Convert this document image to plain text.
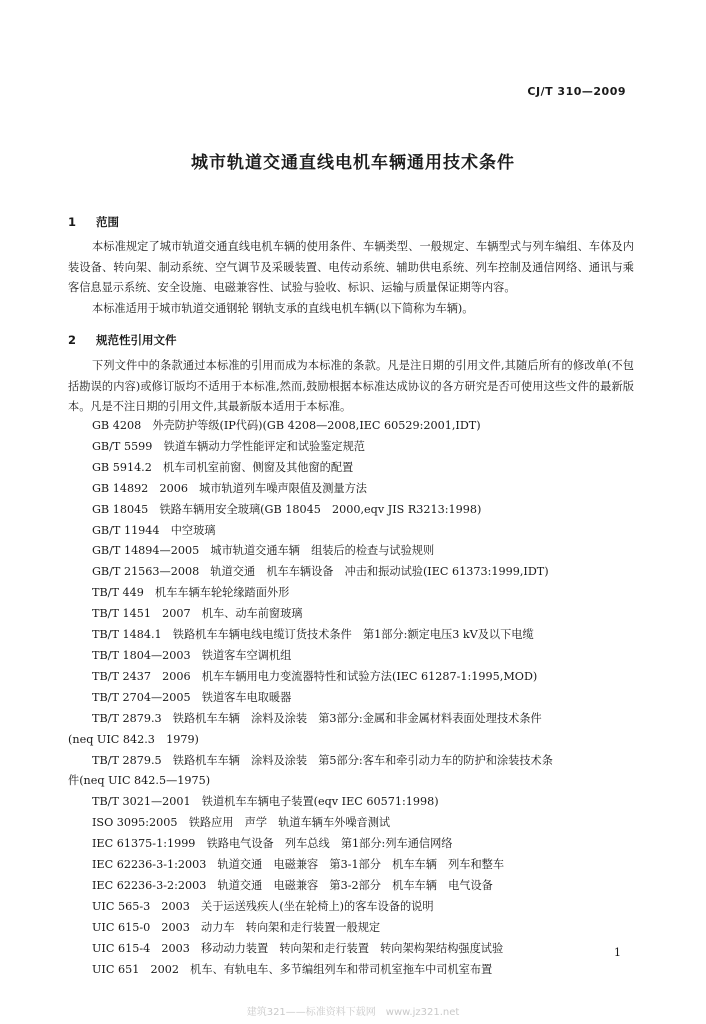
CJ/T 310—2009
城市轨道交通直线电机车辆通用技术条件
1 范围
本标准规定了城市轨道交通直线电机车辆的使用条件、车辆类型、一般规定、车辆型式与列车编组、车体及内装设备、转向架、制动系统、空气调节及采暖装置、电传动系统、辅助供电系统、列车控制及通信网络、通讯与乘客信息显示系统、安全设施、电磁兼容性、试验与验收、标识、运输与质量保证期等内容。
本标准适用于城市轨道交通钢轮 钢轨支承的直线电机车辆(以下简称为车辆)。
2 规范性引用文件
下列文件中的条款通过本标准的引用而成为本标准的条款。凡是注日期的引用文件,其随后所有的修改单(不包括勘误的内容)或修订版均不适用于本标准,然而,鼓励根据本标准达成协议的各方研究是否可使用这些文件的最新版本。凡是不注日期的引用文件,其最新版本适用于本标准。
GB 4208　外壳防护等级(IP代码)(GB 4208—2008,IEC 60529:2001,IDT)
GB/T 5599　铁道车辆动力学性能评定和试验鉴定规范
GB 5914.2　机车司机室前窗、侧窗及其他窗的配置
GB 14892　2006　城市轨道列车噪声限值及测量方法
GB 18045　铁路车辆用安全玻璃(GB 18045　2000,eqv JIS R3213:1998)
GB/T 11944　中空玻璃
GB/T 14894—2005　城市轨道交通车辆　组装后的检查与试验规则
GB/T 21563—2008　轨道交通　机车车辆设备　冲击和振动试验(IEC 61373:1999,IDT)
TB/T 449　机车车辆车轮轮缘踏面外形
TB/T 1451　2007　机车、动车前窗玻璃
TB/T 1484.1　铁路机车车辆电线电缆订货技术条件　第1部分:额定电压3 kV及以下电缆
TB/T 1804—2003　铁道客车空调机组
TB/T 2437　2006　机车车辆用电力变流器特性和试验方法(IEC 61287-1:1995,MOD)
TB/T 2704—2005　铁道客车电取暖器
TB/T 2879.3　铁路机车车辆　涂料及涂装　第3部分:金属和非金属材料表面处理技术条件
(neq UIC 842.3　1979)
TB/T 2879.5　铁路机车车辆　涂料及涂装　第5部分:客车和牵引动力车的防护和涂装技术条
件(neq UIC 842.5—1975)
TB/T 3021—2001　铁道机车车辆电子装置(eqv IEC 60571:1998)
ISO 3095:2005　铁路应用　声学　轨道车辆车外噪音测试
IEC 61375-1:1999　铁路电气设备　列车总线　第1部分:列车通信网络
IEC 62236-3-1:2003　轨道交通　电磁兼容　第3-1部分　机车车辆　列车和整车
IEC 62236-3-2:2003　轨道交通　电磁兼容　第3-2部分　机车车辆　电气设备
UIC 565-3　2003　关于运送残疾人(坐在轮椅上)的客车设备的说明
UIC 615-0　2003　动力车　转向架和走行装置一般规定
UIC 615-4　2003　移动动力装置　转向架和走行装置　转向架构架结构强度试验
UIC 651　2002　机车、有轨电车、多节编组列车和带司机室拖车中司机室布置
1
建筑321——标准资料下载网　www.jz321.net
